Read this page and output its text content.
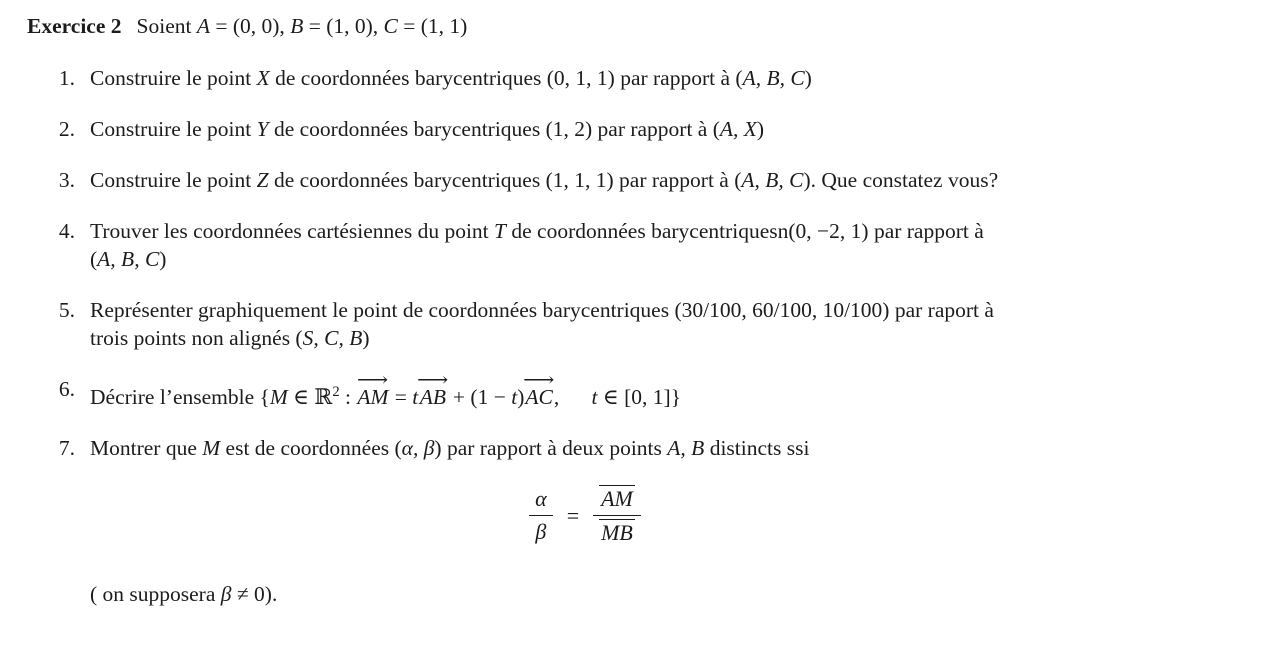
Exercice 2 Soient A = (0, 0), B = (1, 0), C = (1, 1)
1. Construire le point X de coordonnées barycentriques (0, 1, 1) par rapport à (A, B, C)
2. Construire le point Y de coordonnées barycentriques (1, 2) par rapport à (A, X)
3. Construire le point Z de coordonnées barycentriques (1, 1, 1) par rapport à (A, B, C). Que constatez vous?
4. Trouver les coordonnées cartésiennes du point T de coordonnées barycentriquesn(0, −2, 1) par rapport à
(A, B, C)
5. Représenter graphiquement le point de coordonnées barycentriques (30/100, 60/100, 10/100) par raport à
trois points non alignés (S, C, B)
6. Décrire l’ensemble {M ∈ ℝ$^2$ :
⟶
AM = t
⟶
AB + (1 − t)
⟶
AC ,  t ∈ [0, 1]}
7. Montrer que M est de coordonnées (α, β) par rapport à deux points A, B distincts ssi
$\frac{\alpha}{\beta} = \frac{AM}{MB}$
( on supposera β ≠ 0).
